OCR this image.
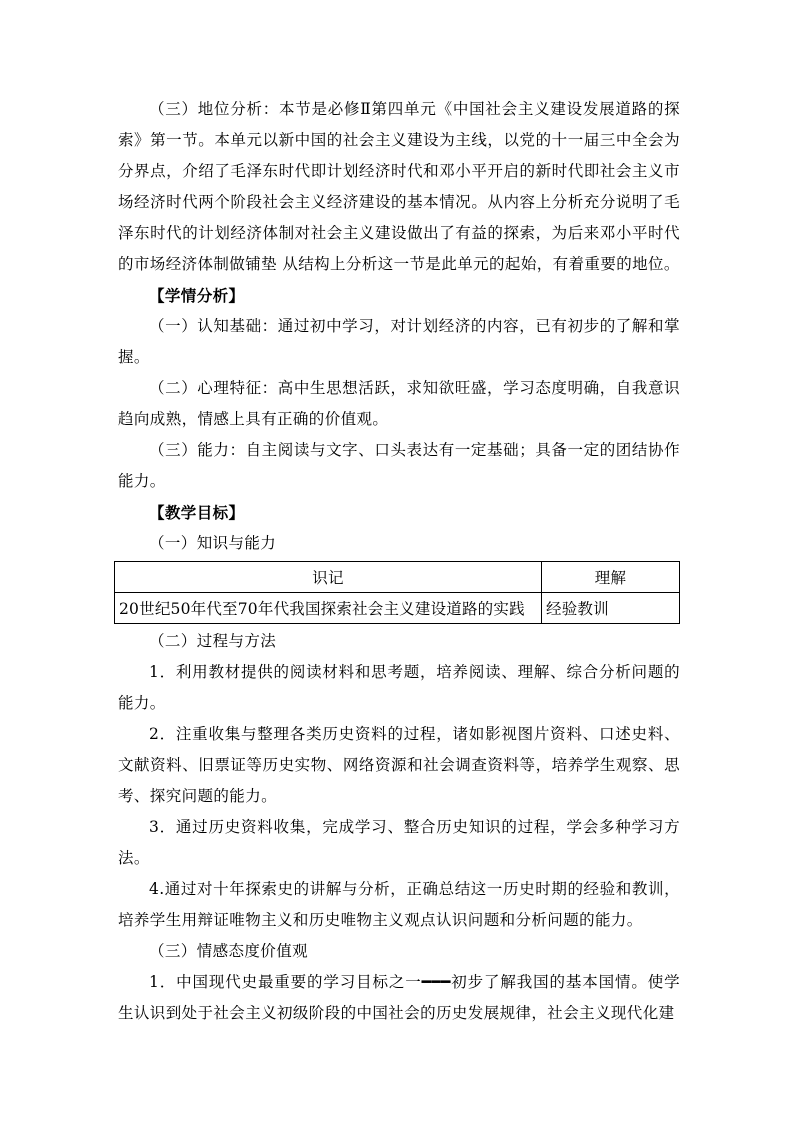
（三）地位分析：本节是必修Ⅱ第四单元《中国社会主义建设发展道路的探索》第一节。本单元以新中国的社会主义建设为主线，以党的十一届三中全会为分界点，介绍了毛泽东时代即计划经济时代和邓小平开启的新时代即社会主义市场经济时代两个阶段社会主义经济建设的基本情况。从内容上分析充分说明了毛泽东时代的计划经济体制对社会主义建设做出了有益的探索，为后来邓小平时代的市场经济体制做铺垫 从结构上分析这一节是此单元的起始，有着重要的地位。

【学情分析】

（一）认知基础：通过初中学习，对计划经济的内容，已有初步的了解和掌握。

（二）心理特征：高中生思想活跃，求知欲旺盛，学习态度明确，自我意识趋向成熟，情感上具有正确的价值观。

（三）能力：自主阅读与文字、口头表达有一定基础；具备一定的团结协作能力。

【教学目标】

（一）知识与能力

识记	理解
20世纪50年代至70年代我国探索社会主义建设道路的实践	经验教训

（二）过程与方法

1．利用教材提供的阅读材料和思考题，培养阅读、理解、综合分析问题的能力。

2．注重收集与整理各类历史资料的过程，诸如影视图片资料、口述史料、文献资料、旧票证等历史实物、网络资源和社会调查资料等，培养学生观察、思考、探究问题的能力。

3．通过历史资料收集，完成学习、整合历史知识的过程，学会多种学习方法。

4.通过对十年探索史的讲解与分析，正确总结这一历史时期的经验和教训，培养学生用辩证唯物主义和历史唯物主义观点认识问题和分析问题的能力。

（三）情感态度价值观

1．中国现代史最重要的学习目标之一━━━初步了解我国的基本国情。使学生认识到处于社会主义初级阶段的中国社会的历史发展规律，社会主义现代化建
